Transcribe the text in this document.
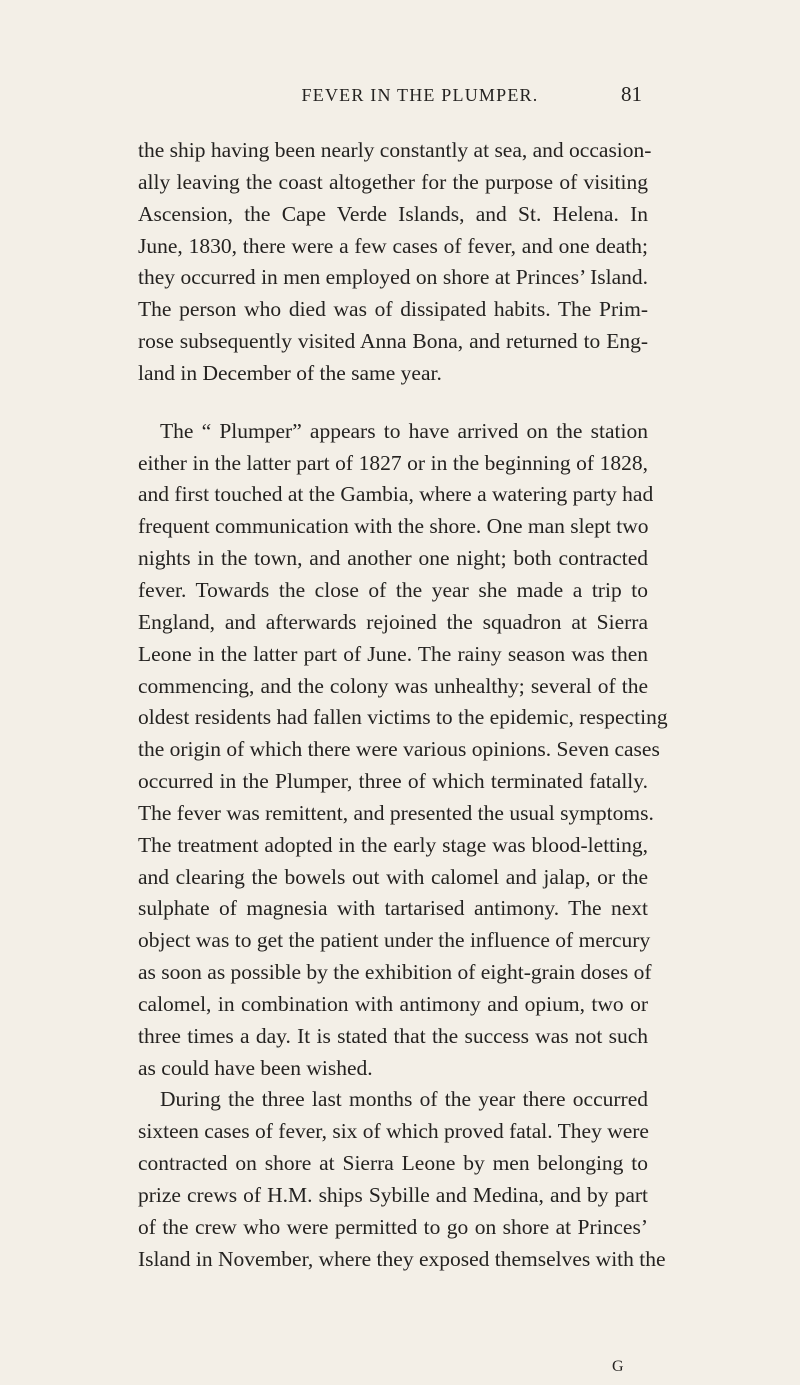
FEVER IN THE PLUMPER.	81
the ship having been nearly constantly at sea, and occasion-
ally leaving the coast altogether for the purpose of visiting
Ascension, the Cape Verde Islands, and St. Helena. In
June, 1830, there were a few cases of fever, and one death;
they occurred in men employed on shore at Princes’ Island.
The person who died was of dissipated habits. The Prim-
rose subsequently visited Anna Bona, and returned to Eng-
land in December of the same year.
The “ Plumper” appears to have arrived on the station
either in the latter part of 1827 or in the beginning of 1828,
and first touched at the Gambia, where a watering party had
frequent communication with the shore. One man slept two
nights in the town, and another one night; both contracted
fever. Towards the close of the year she made a trip to
England, and afterwards rejoined the squadron at Sierra
Leone in the latter part of June. The rainy season was then
commencing, and the colony was unhealthy; several of the
oldest residents had fallen victims to the epidemic, respecting
the origin of which there were various opinions. Seven cases
occurred in the Plumper, three of which terminated fatally.
The fever was remittent, and presented the usual symptoms.
The treatment adopted in the early stage was blood-letting,
and clearing the bowels out with calomel and jalap, or the
sulphate of magnesia with tartarised antimony. The next
object was to get the patient under the influence of mercury
as soon as possible by the exhibition of eight-grain doses of
calomel, in combination with antimony and opium, two or
three times a day. It is stated that the success was not such
as could have been wished.
During the three last months of the year there occurred
sixteen cases of fever, six of which proved fatal. They were
contracted on shore at Sierra Leone by men belonging to
prize crews of H.M. ships Sybille and Medina, and by part
of the crew who were permitted to go on shore at Princes’
Island in November, where they exposed themselves with the
G
